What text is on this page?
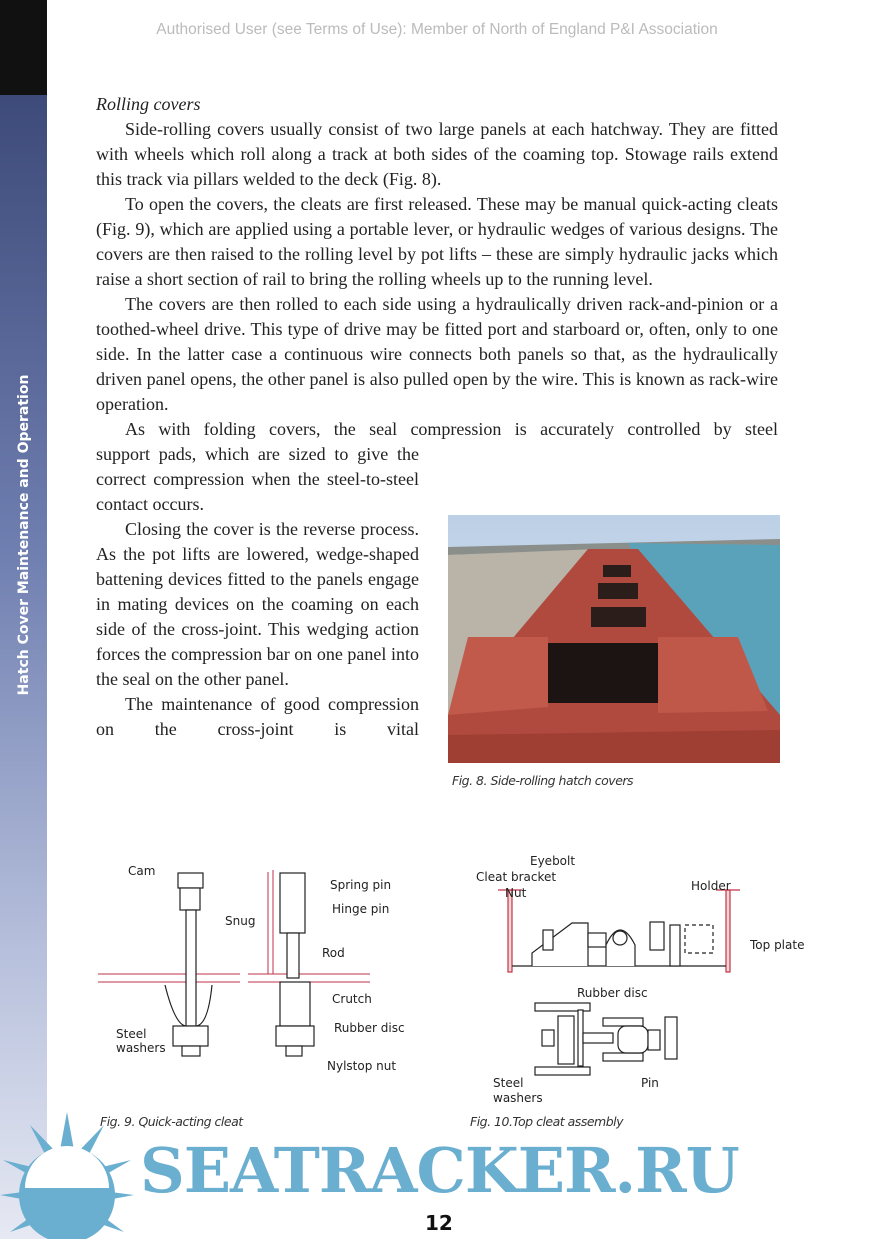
Hatch Cover Maintenance and Operation
Authorised User (see Terms of Use): Member of North of England P&I Association
Rolling covers

Side-rolling covers usually consist of two large panels at each hatchway. They are fitted with wheels which roll along a track at both sides of the coaming top. Stowage rails extend this track via pillars welded to the deck (Fig. 8).

To open the covers, the cleats are first released. These may be manual quick-acting cleats (Fig. 9), which are applied using a portable lever, or hydraulic wedges of various designs. The covers are then raised to the rolling level by pot lifts – these are simply hydraulic jacks which raise a short section of rail to bring the rolling wheels up to the running level.

The covers are then rolled to each side using a hydraulically driven rack-and-pinion or a toothed-wheel drive. This type of drive may be fitted port and starboard or, often, only to one side. In the latter case a continuous wire connects both panels so that, as the hydraulically driven panel opens, the other panel is also pulled open by the wire. This is known as rack-wire operation.

As with folding covers, the seal compression is accurately controlled by steel

support pads, which are sized to give the correct compression when the steel-to-steel contact occurs.

Closing the cover is the reverse process. As the pot lifts are lowered, wedge-shaped battening devices fitted to the panels engage in mating devices on the coaming on each side of the cross-joint. This wedging action forces the compression bar on one panel into the seal on the other panel.

The maintenance of good compression on the cross-joint is vital

Fig. 8. Side-rolling hatch covers
Cam
Snug
Steel
washers
Spring pin
Hinge pin
Rod
Crutch
Rubber disc
Nylstop nut
Fig. 9. Quick-acting cleat
Eyebolt
Cleat bracket
Nut	Holder
Top plate
Rubber disc
Steel
washers
Pin
Fig. 10.Top cleat assembly
SEATRACKER.RU
12
